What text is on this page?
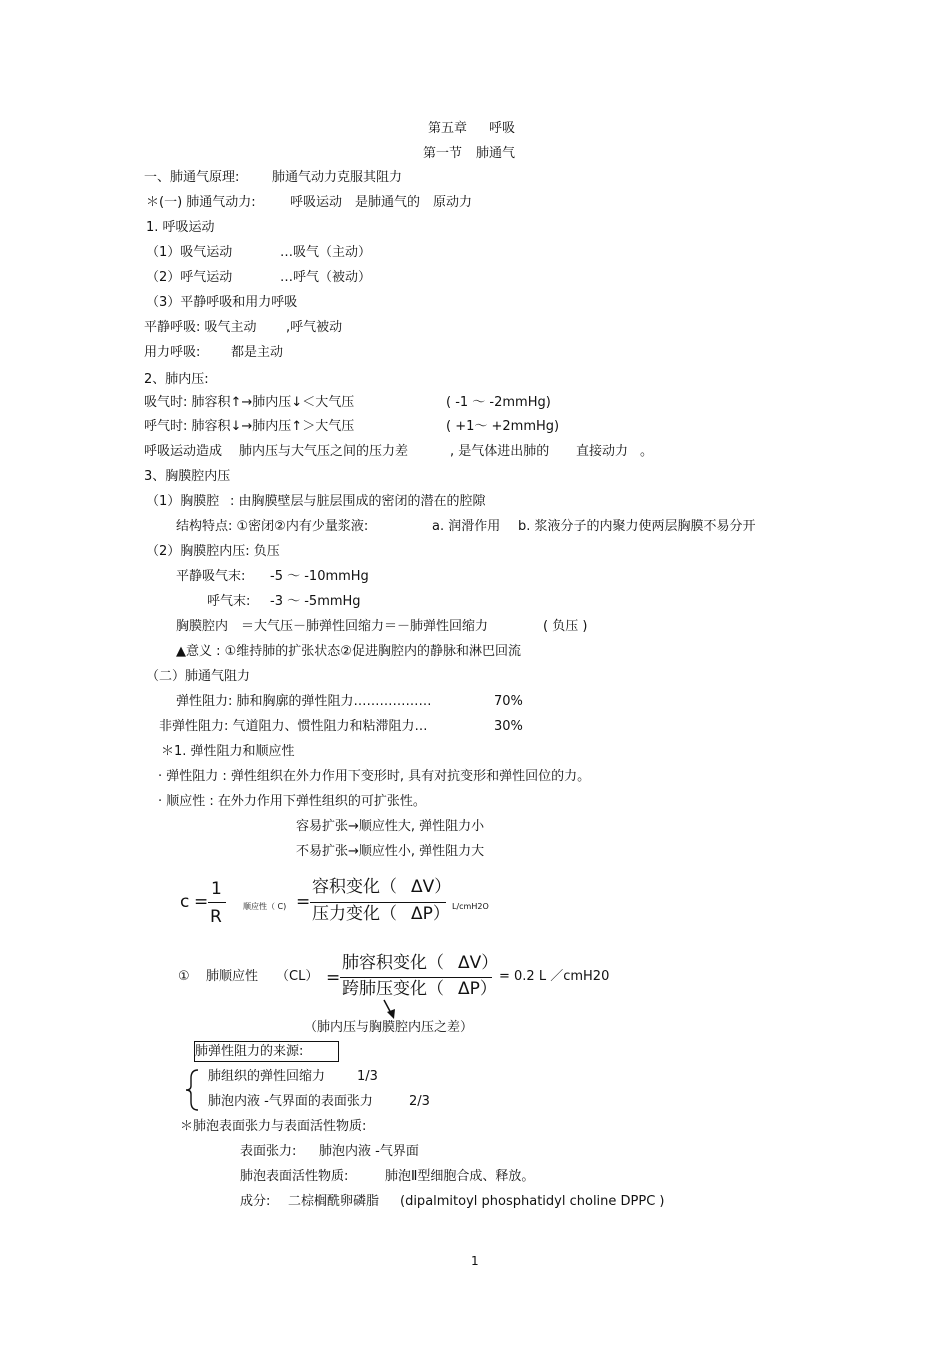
第五章 呼吸
第一节 肺通气
一、肺通气原理:	肺通气动力克服其阻力
＊(一) 肺通气动力:	呼吸运动 是肺通气的 原动力
1. 呼吸运动
（1）吸气运动	…吸气（主动）
（2）呼气运动	…呼气（被动）
（3）平静呼吸和用力呼吸
平静呼吸: 吸气主动 ,呼气被动
用力呼吸: 都是主动
2、肺内压:
吸气时: 肺容积↑→肺内压↓＜大气压	( -1 ～ -2mmHg)
呼气时: 肺容积↓→肺内压↑＞大气压	( +1～ +2mmHg)
呼吸运动造成 肺内压与大气压之间的压力差	, 是气体进出肺的 直接动力 。
3、胸膜腔内压
（1）胸膜腔 : 由胸膜壁层与脏层围成的密闭的潜在的腔隙
结构特点: ①密闭②内有少量浆液:	a. 润滑作用 b. 浆液分子的内聚力使两层胸膜不易分开
（2）胸膜腔内压: 负压
平静吸气末: -5 ～ -10mmHg
呼气末: -3 ～ -5mmHg
胸膜腔内 ＝大气压－肺弹性回缩力＝－肺弹性回缩力	( 负压 )
▲意义 : ①维持肺的扩张状态②促进胸腔内的静脉和淋巴回流
（二）肺通气阻力
弹性阻力: 肺和胸廓的弹性阻力………………	70%
非弹性阻力: 气道阻力、惯性阻力和粘滞阻力…	30%
＊1. 弹性阻力和顺应性
· 弹性阻力 : 弹性组织在外力作用下变形时, 具有对抗变形和弹性回位的力。
· 顺应性 : 在外力作用下弹性组织的可扩张性。
容易扩张→顺应性大, 弹性阻力小
不易扩张→顺应性小, 弹性阻力大
c =
1
R
顺应性（ C) =
容积变化（ ΔV）
压力变化（ ΔP） L/cmH2O
① 肺顺应性 （CL） =
肺容积变化（ ΔV）
跨肺压变化（ ΔP）
= 0.2 L ／cmH20
（肺内压与胸膜腔内压之差）
肺弹性阻力的来源:
肺组织的弹性回缩力 1/3
肺泡内液 -气界面的表面张力	2/3
＊肺泡表面张力与表面活性物质:
表面张力: 肺泡内液 -气界面
肺泡表面活性物质:	肺泡Ⅱ型细胞合成、释放。
成分: 二棕榈酰卵磷脂 (dipalmitoyl phosphatidyl choline DPPC )
1
